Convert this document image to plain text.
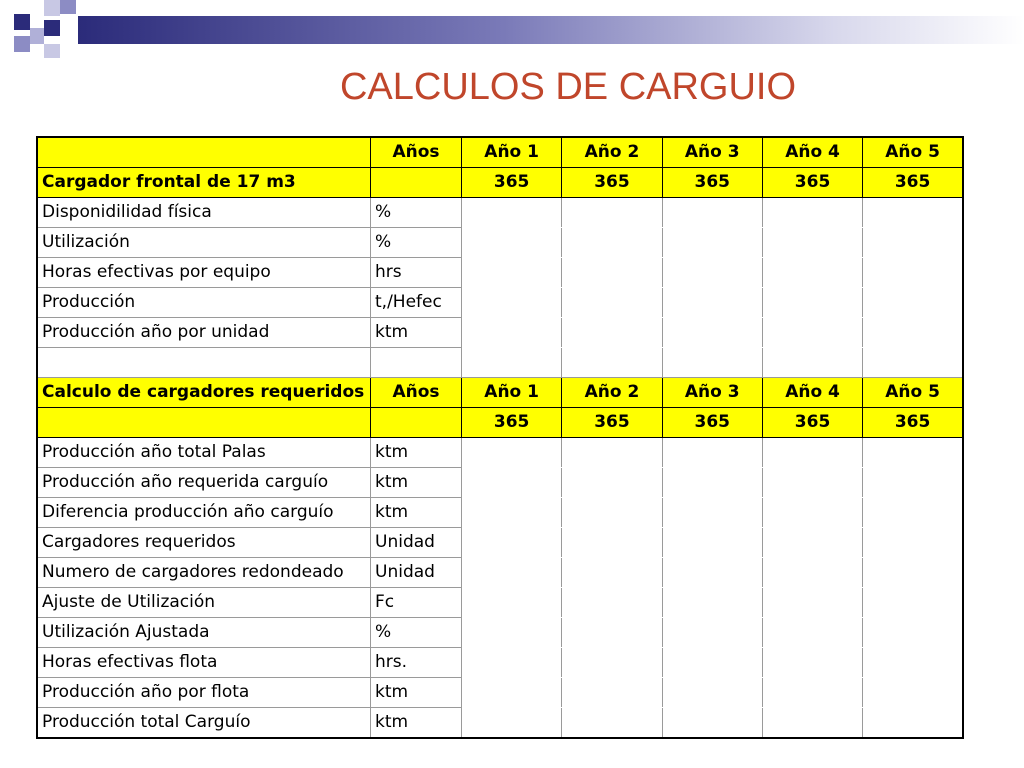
CALCULOS DE CARGUIO
	Años	Año 1	Año 2	Año 3	Año 4	Año 5
Cargador frontal de 17 m3		365	365	365	365	365
Disponidilidad física	%					
Utilización	%					
Horas efectivas por equipo	hrs					
Producción	t,/Hefec					
Producción año por unidad	ktm					

Calculo de cargadores requeridos	Años	Año 1	Año 2	Año 3	Año 4	Año 5
		365	365	365	365	365
Producción año total Palas	ktm					
Producción año requerida carguío	ktm					
Diferencia producción año carguío	ktm					
Cargadores requeridos	Unidad					
Numero de cargadores redondeado	Unidad					
Ajuste de Utilización	Fc					
Utilización Ajustada	%					
Horas efectivas flota	hrs.					
Producción año por flota	ktm					
Producción total Carguío	ktm					
